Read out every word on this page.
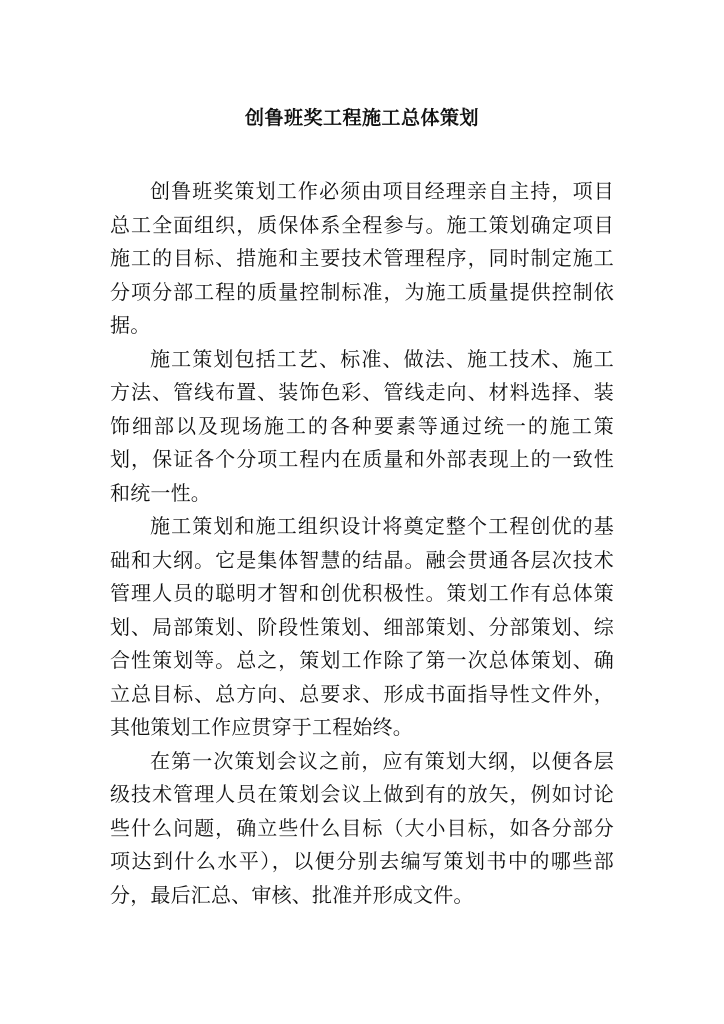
创鲁班奖工程施工总体策划

创鲁班奖策划工作必须由项目经理亲自主持，项目总工全面组织，质保体系全程参与。施工策划确定项目施工的目标、措施和主要技术管理程序，同时制定施工分项分部工程的质量控制标准，为施工质量提供控制依据。

施工策划包括工艺、标准、做法、施工技术、施工方法、管线布置、装饰色彩、管线走向、材料选择、装饰细部以及现场施工的各种要素等通过统一的施工策划，保证各个分项工程内在质量和外部表现上的一致性和统一性。

施工策划和施工组织设计将奠定整个工程创优的基础和大纲。它是集体智慧的结晶。融会贯通各层次技术管理人员的聪明才智和创优积极性。策划工作有总体策划、局部策划、阶段性策划、细部策划、分部策划、综合性策划等。总之，策划工作除了第一次总体策划、确立总目标、总方向、总要求、形成书面指导性文件外，其他策划工作应贯穿于工程始终。

在第一次策划会议之前，应有策划大纲，以便各层级技术管理人员在策划会议上做到有的放矢，例如讨论些什么问题，确立些什么目标（大小目标，如各分部分项达到什么水平），以便分别去编写策划书中的哪些部分，最后汇总、审核、批准并形成文件。
